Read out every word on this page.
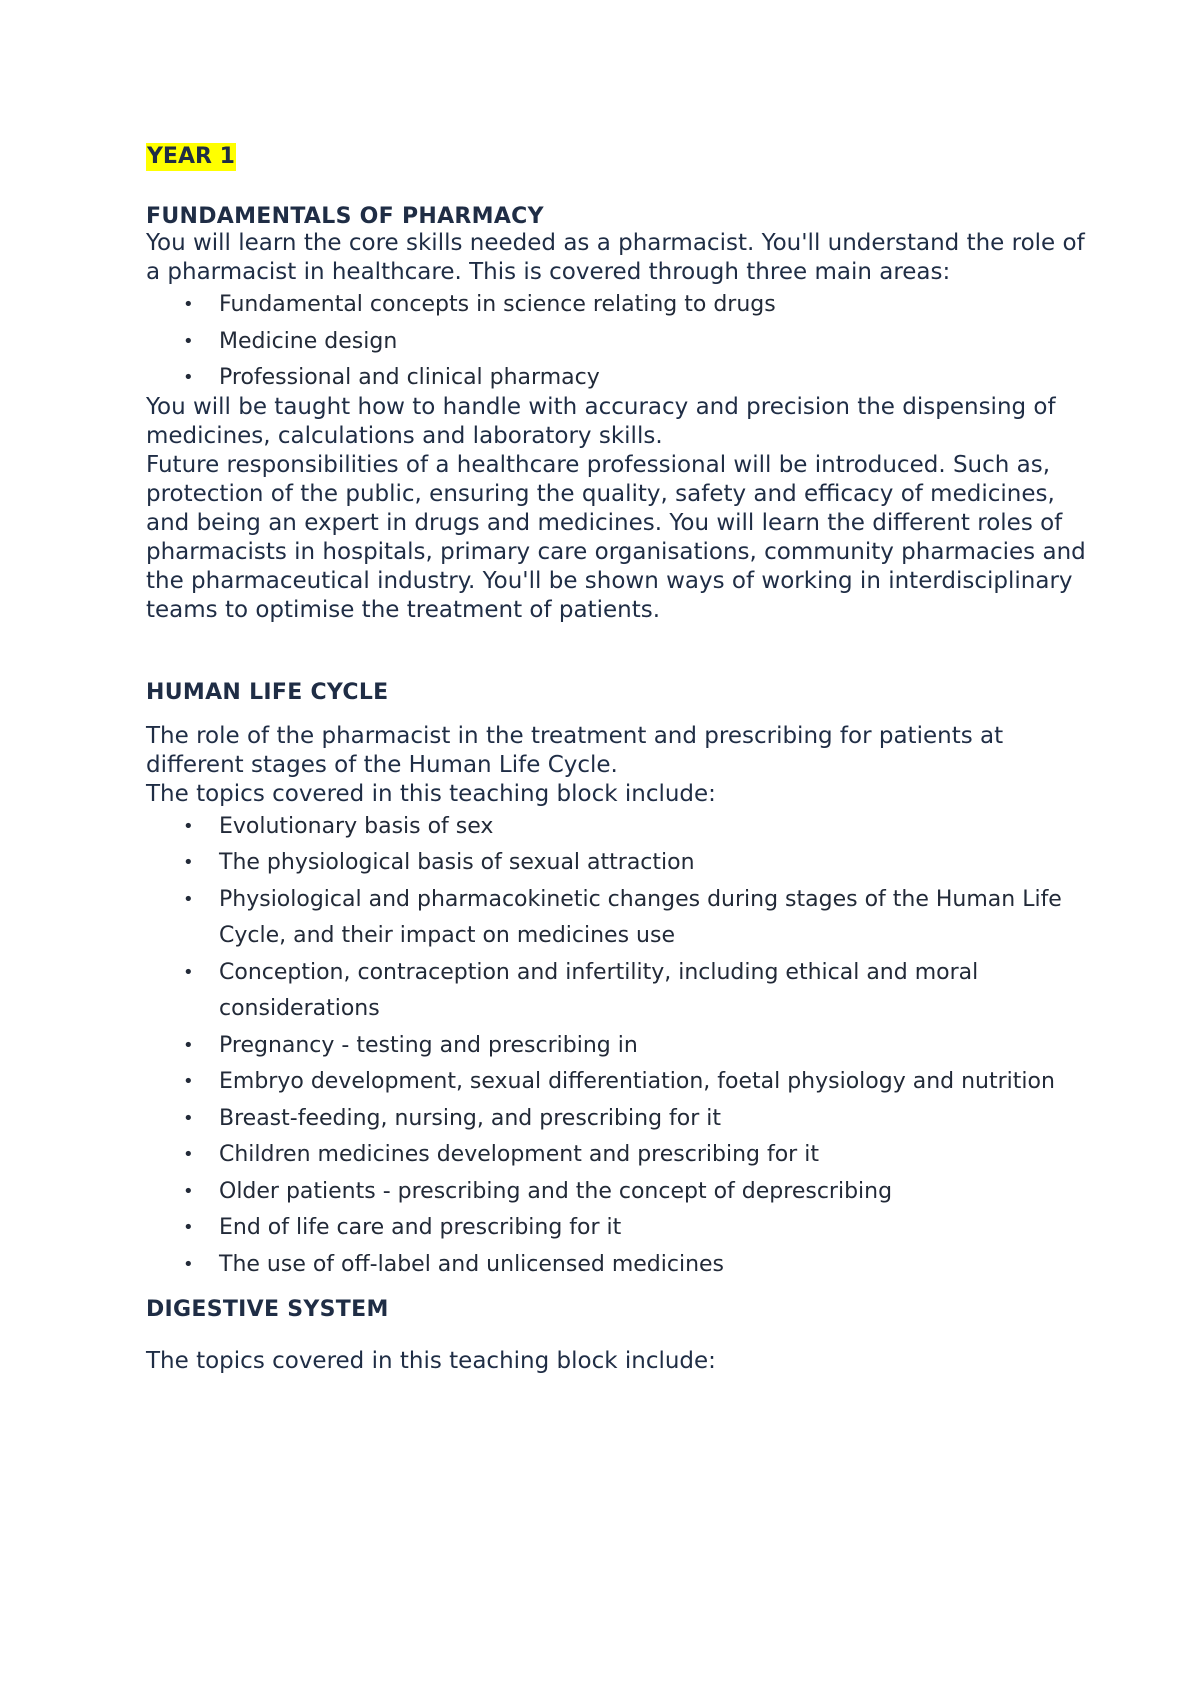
YEAR 1
FUNDAMENTALS OF PHARMACY

You will learn the core skills needed as a pharmacist. You'll understand the role of a pharmacist in healthcare. This is covered through three main areas:

• Fundamental concepts in science relating to drugs
• Medicine design
• Professional and clinical pharmacy

You will be taught how to handle with accuracy and precision the dispensing of medicines, calculations and laboratory skills.

Future responsibilities of a healthcare professional will be introduced. Such as, protection of the public, ensuring the quality, safety and efficacy of medicines, and being an expert in drugs and medicines. You will learn the different roles of pharmacists in hospitals, primary care organisations, community pharmacies and the pharmaceutical industry. You'll be shown ways of working in interdisciplinary teams to optimise the treatment of patients.

HUMAN LIFE CYCLE

The role of the pharmacist in the treatment and prescribing for patients at different stages of the Human Life Cycle.

The topics covered in this teaching block include:

• Evolutionary basis of sex
• The physiological basis of sexual attraction
• Physiological and pharmacokinetic changes during stages of the Human Life Cycle, and their impact on medicines use
• Conception, contraception and infertility, including ethical and moral considerations
• Pregnancy - testing and prescribing in
• Embryo development, sexual differentiation, foetal physiology and nutrition
• Breast-feeding, nursing, and prescribing for it
• Children medicines development and prescribing for it
• Older patients - prescribing and the concept of deprescribing
• End of life care and prescribing for it
• The use of off-label and unlicensed medicines
DIGESTIVE SYSTEM

The topics covered in this teaching block include:
